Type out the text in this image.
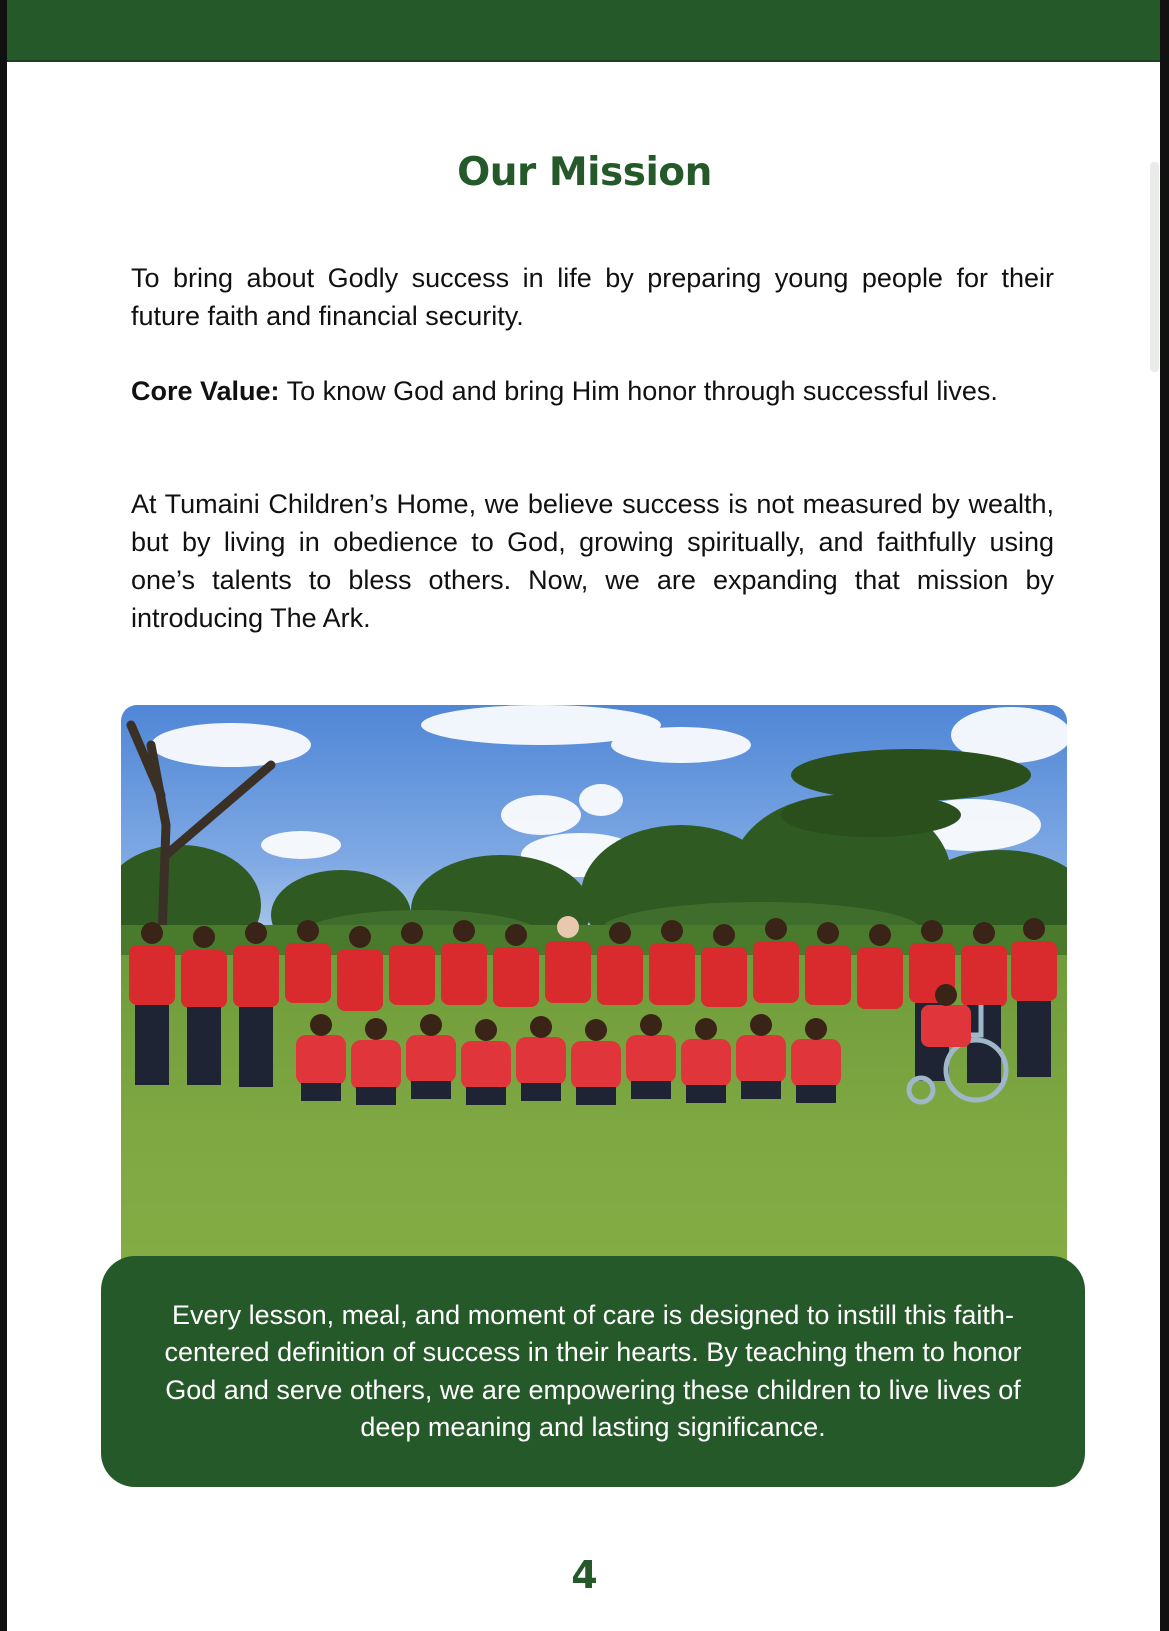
Our Mission

To bring about Godly success in life by preparing young people for their future faith and financial security.

Core Value: To know God and bring Him honor through successful lives.

At Tumaini Children’s Home, we believe success is not measured by wealth, but by living in obedience to God, growing spiritually, and faithfully using one’s talents to bless others. Now, we are expanding that mission by introducing The Ark.

Every lesson, meal, and moment of care is designed to instill this faith-centered definition of success in their hearts. By teaching them to honor God and serve others, we are empowering these children to live lives of deep meaning and lasting significance.

4
